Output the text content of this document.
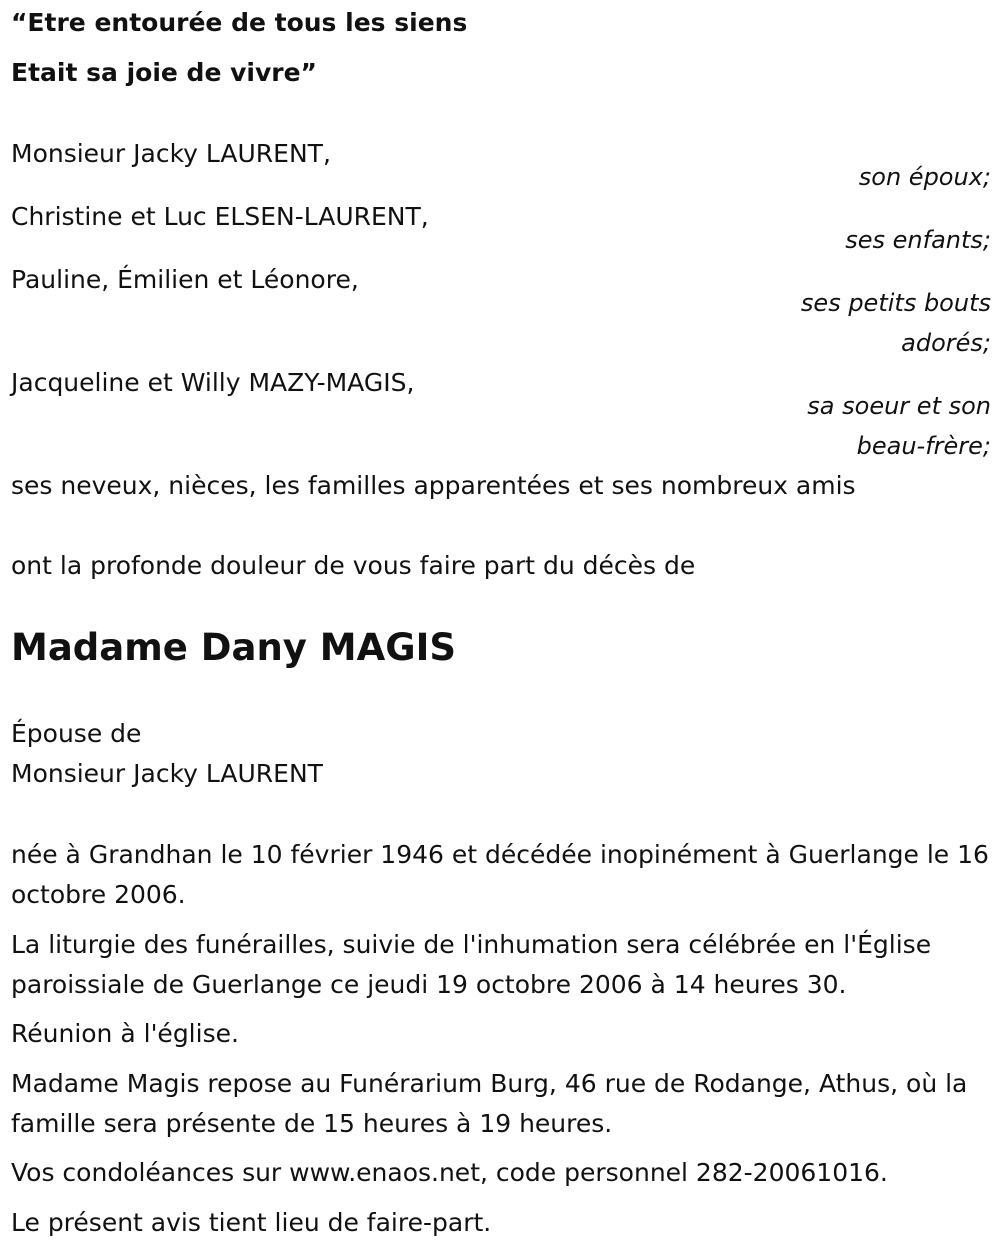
“Etre entourée de tous les siens
Etait sa joie de vivre”
Monsieur Jacky LAURENT,
son époux;
Christine et Luc ELSEN-LAURENT,
ses enfants;
Pauline, Émilien et Léonore,
ses petits bouts
adorés;
Jacqueline et Willy MAZY-MAGIS,
sa soeur et son
beau-frère;
ses neveux, nièces, les familles apparentées et ses nombreux amis
ont la profonde douleur de vous faire part du décès de
Madame Dany MAGIS
Épouse de
Monsieur Jacky LAURENT
née à Grandhan le 10 février 1946 et décédée inopinément à Guerlange le 16 octobre 2006.
La liturgie des funérailles, suivie de l'inhumation sera célébrée en l'Église paroissiale de Guerlange ce jeudi 19 octobre 2006 à 14 heures 30.
Réunion à l'église.
Madame Magis repose au Funérarium Burg, 46 rue de Rodange, Athus, où la famille sera présente de 15 heures à 19 heures.
Vos condoléances sur www.enaos.net, code personnel 282-20061016.
Le présent avis tient lieu de faire-part.
